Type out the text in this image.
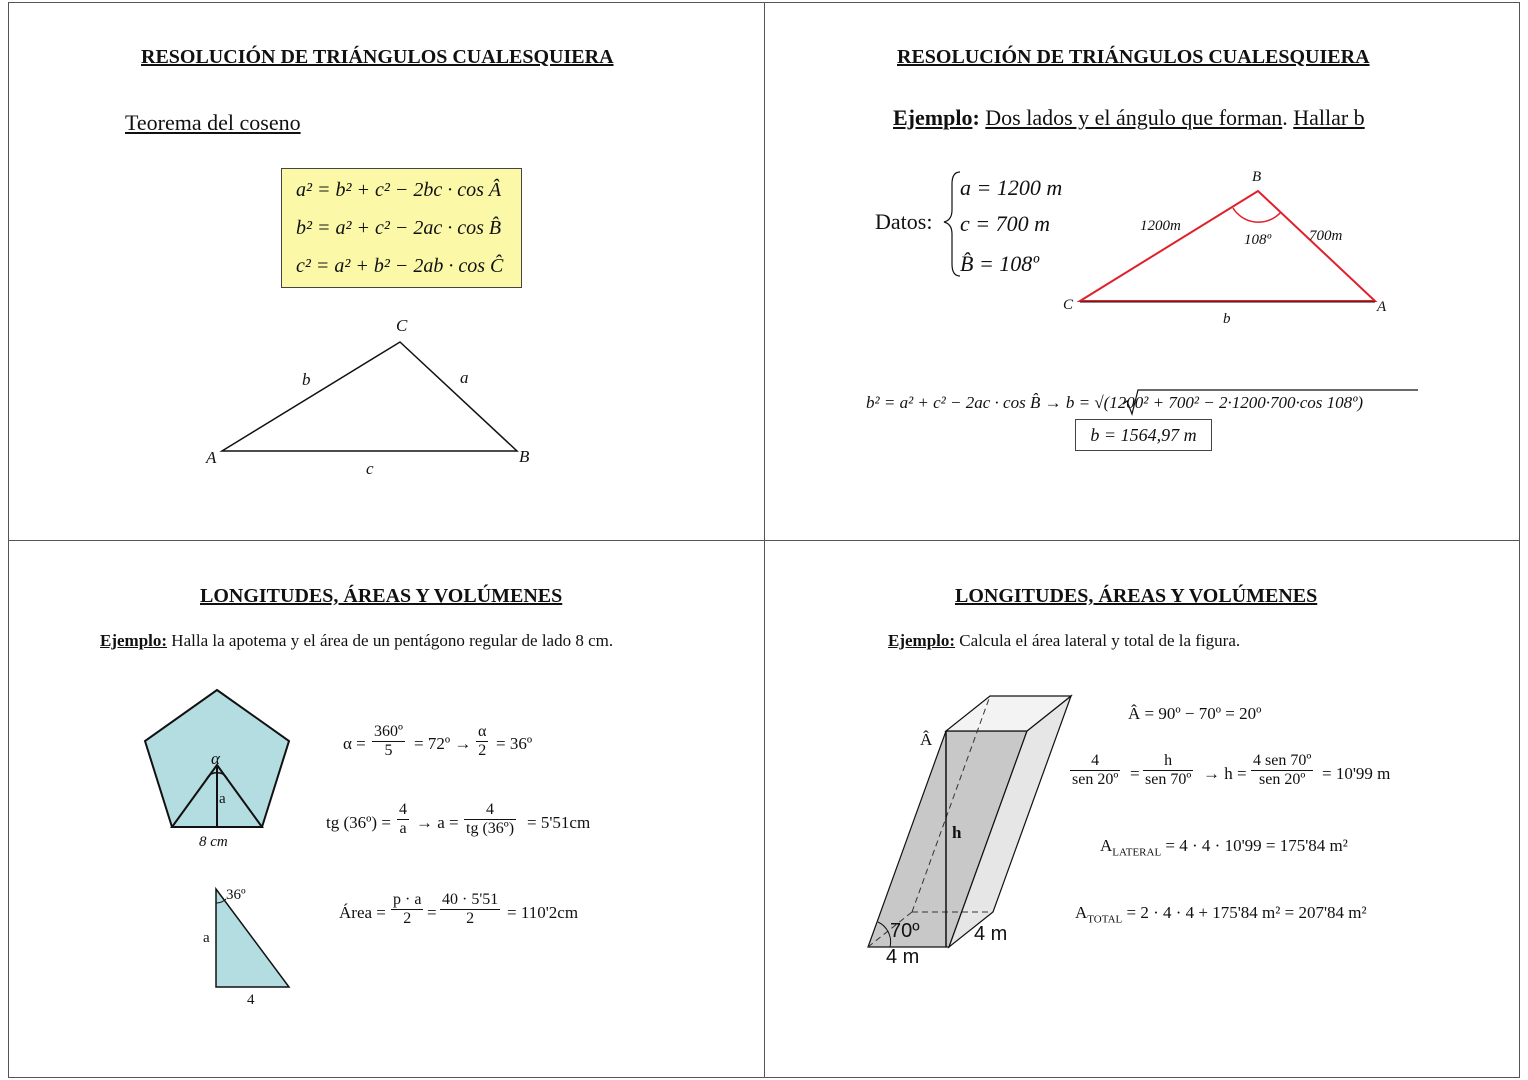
RESOLUCIÓN DE TRIÁNGULOS CUALESQUIERA
Teorema del coseno
a² = b² + c² − 2bc · cos Â
b² = a² + c² − 2ac · cos B̂
c² = a² + b² − 2ab · cos Ĉ
C
b	a
A	B
c
RESOLUCIÓN DE TRIÁNGULOS CUALESQUIERA
Ejemplo: Dos lados y el ángulo que forman. Hallar b
Datos:
a = 1200 m
c = 700 m
B̂ = 108º
B
1200m
108º	700m
C	A
b
b² = a² + c² − 2ac · cos B̂ → b = √(1200² + 700² − 2·1200·700·cos 108º)
b = 1564,97 m
LONGITUDES, ÁREAS Y VOLÚMENES
Ejemplo: Halla la apotema y el área de un pentágono regular de lado 8 cm.
α
a
8 cm
36º
a
4
$\alpha = \frac{\text{360º}}{5}$ = 72º → $\frac{\alpha}{2}$ = 36º
tg (36º) = $\frac{4}{a} \to a = \frac{4}{\text{tg (36º)}} = 5'51cm$
Área = $\frac{p \cdot a}{2} = \frac{40 \cdot 5'51}{2} = 110'2cm$
LONGITUDES, ÁREAS Y VOLÚMENES
Ejemplo: Calcula el área lateral y total de la figura.
Â
h
70º
4 m
4 m
Â = 90º − 70º = 20º
4
sen 20º =
h
sen 70º → h =
4 sen 70º
sen 20º = 10'99 m
$A_{LATERAL} = 4 \cdot 4 \cdot 10'99 = 175'84$ m²
$A_{TOTAL} = 2 \cdot 4 \cdot 4 + 175'84$ m² = 207'84 m²
